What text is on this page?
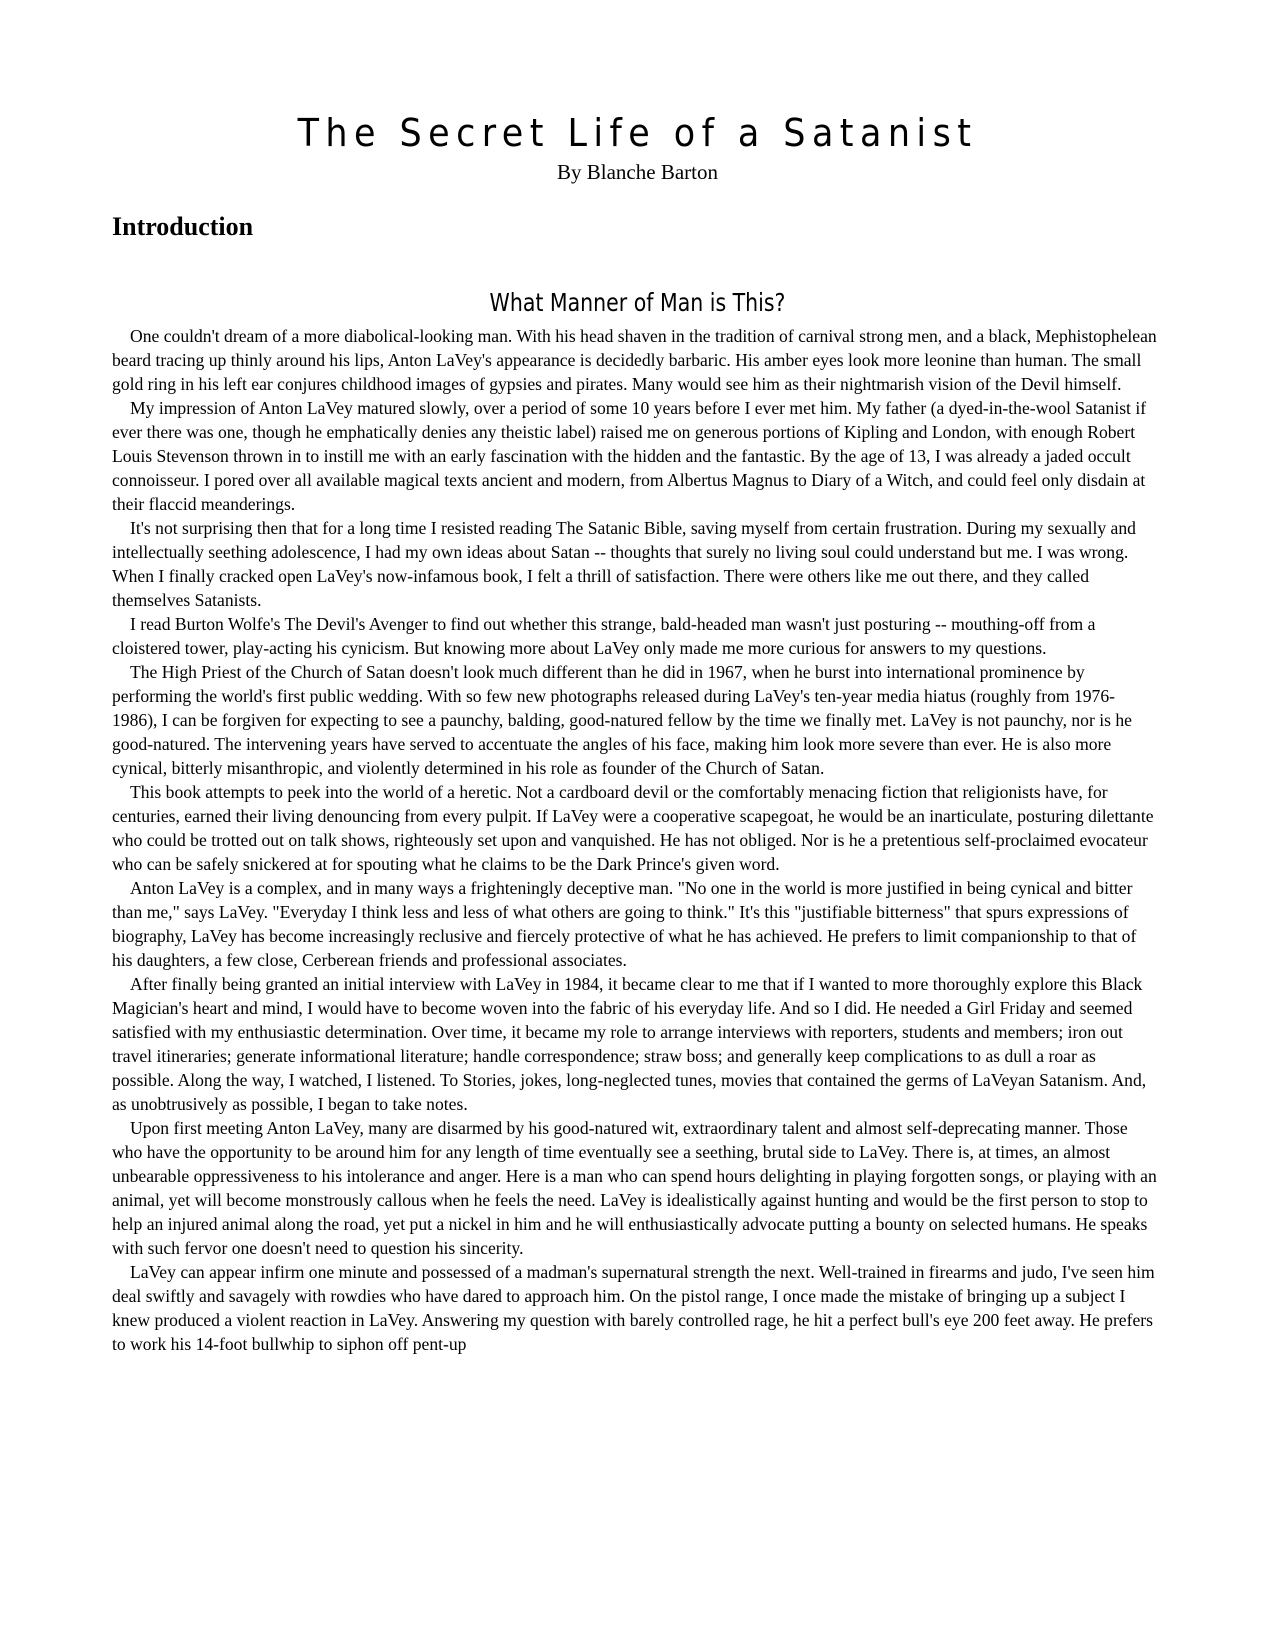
The Secret Life of a Satanist
By Blanche Barton
Introduction
What Manner of Man is This?

One couldn't dream of a more diabolical-looking man. With his head shaven in the tradition of carnival strong men, and a black, Mephistophelean beard tracing up thinly around his lips, Anton LaVey's appearance is decidedly barbaric. His amber eyes look more leonine than human. The small gold ring in his left ear conjures childhood images of gypsies and pirates. Many would see him as their nightmarish vision of the Devil himself.

My impression of Anton LaVey matured slowly, over a period of some 10 years before I ever met him. My father (a dyed-in-the-wool Satanist if ever there was one, though he emphatically denies any theistic label) raised me on generous portions of Kipling and London, with enough Robert Louis Stevenson thrown in to instill me with an early fascination with the hidden and the fantastic. By the age of 13, I was already a jaded occult connoisseur. I pored over all available magical texts ancient and modern, from Albertus Magnus to Diary of a Witch, and could feel only disdain at their flaccid meanderings.

It's not surprising then that for a long time I resisted reading The Satanic Bible, saving myself from certain frustration. During my sexually and intellectually seething adolescence, I had my own ideas about Satan -- thoughts that surely no living soul could understand but me. I was wrong. When I finally cracked open LaVey's now-infamous book, I felt a thrill of satisfaction. There were others like me out there, and they called themselves Satanists.

I read Burton Wolfe's The Devil's Avenger to find out whether this strange, bald-headed man wasn't just posturing -- mouthing-off from a cloistered tower, play-acting his cynicism. But knowing more about LaVey only made me more curious for answers to my questions.

The High Priest of the Church of Satan doesn't look much different than he did in 1967, when he burst into international prominence by performing the world's first public wedding. With so few new photographs released during LaVey's ten-year media hiatus (roughly from 1976-1986), I can be forgiven for expecting to see a paunchy, balding, good-natured fellow by the time we finally met. LaVey is not paunchy, nor is he good-natured. The intervening years have served to accentuate the angles of his face, making him look more severe than ever. He is also more cynical, bitterly misanthropic, and violently determined in his role as founder of the Church of Satan.

This book attempts to peek into the world of a heretic. Not a cardboard devil or the comfortably menacing fiction that religionists have, for centuries, earned their living denouncing from every pulpit. If LaVey were a cooperative scapegoat, he would be an inarticulate, posturing dilettante who could be trotted out on talk shows, righteously set upon and vanquished. He has not obliged. Nor is he a pretentious self-proclaimed evocateur who can be safely snickered at for spouting what he claims to be the Dark Prince's given word.

Anton LaVey is a complex, and in many ways a frighteningly deceptive man. "No one in the world is more justified in being cynical and bitter than me," says LaVey. "Everyday I think less and less of what others are going to think." It's this "justifiable bitterness" that spurs expressions of biography, LaVey has become increasingly reclusive and fiercely protective of what he has achieved. He prefers to limit companionship to that of his daughters, a few close, Cerberean friends and professional associates.

After finally being granted an initial interview with LaVey in 1984, it became clear to me that if I wanted to more thoroughly explore this Black Magician's heart and mind, I would have to become woven into the fabric of his everyday life. And so I did. He needed a Girl Friday and seemed satisfied with my enthusiastic determination. Over time, it became my role to arrange interviews with reporters, students and members; iron out travel itineraries; generate informational literature; handle correspondence; straw boss; and generally keep complications to as dull a roar as possible. Along the way, I watched, I listened. To Stories, jokes, long-neglected tunes, movies that contained the germs of LaVeyan Satanism. And, as unobtrusively as possible, I began to take notes.

Upon first meeting Anton LaVey, many are disarmed by his good-natured wit, extraordinary talent and almost self-deprecating manner. Those who have the opportunity to be around him for any length of time eventually see a seething, brutal side to LaVey. There is, at times, an almost unbearable oppressiveness to his intolerance and anger. Here is a man who can spend hours delighting in playing forgotten songs, or playing with an animal, yet will become monstrously callous when he feels the need. LaVey is idealistically against hunting and would be the first person to stop to help an injured animal along the road, yet put a nickel in him and he will enthusiastically advocate putting a bounty on selected humans. He speaks with such fervor one doesn't need to question his sincerity.

LaVey can appear infirm one minute and possessed of a madman's supernatural strength the next. Well-trained in firearms and judo, I've seen him deal swiftly and savagely with rowdies who have dared to approach him. On the pistol range, I once made the mistake of bringing up a subject I knew produced a violent reaction in LaVey. Answering my question with barely controlled rage, he hit a perfect bull's eye 200 feet away. He prefers to work his 14-foot bullwhip to siphon off pent-up
